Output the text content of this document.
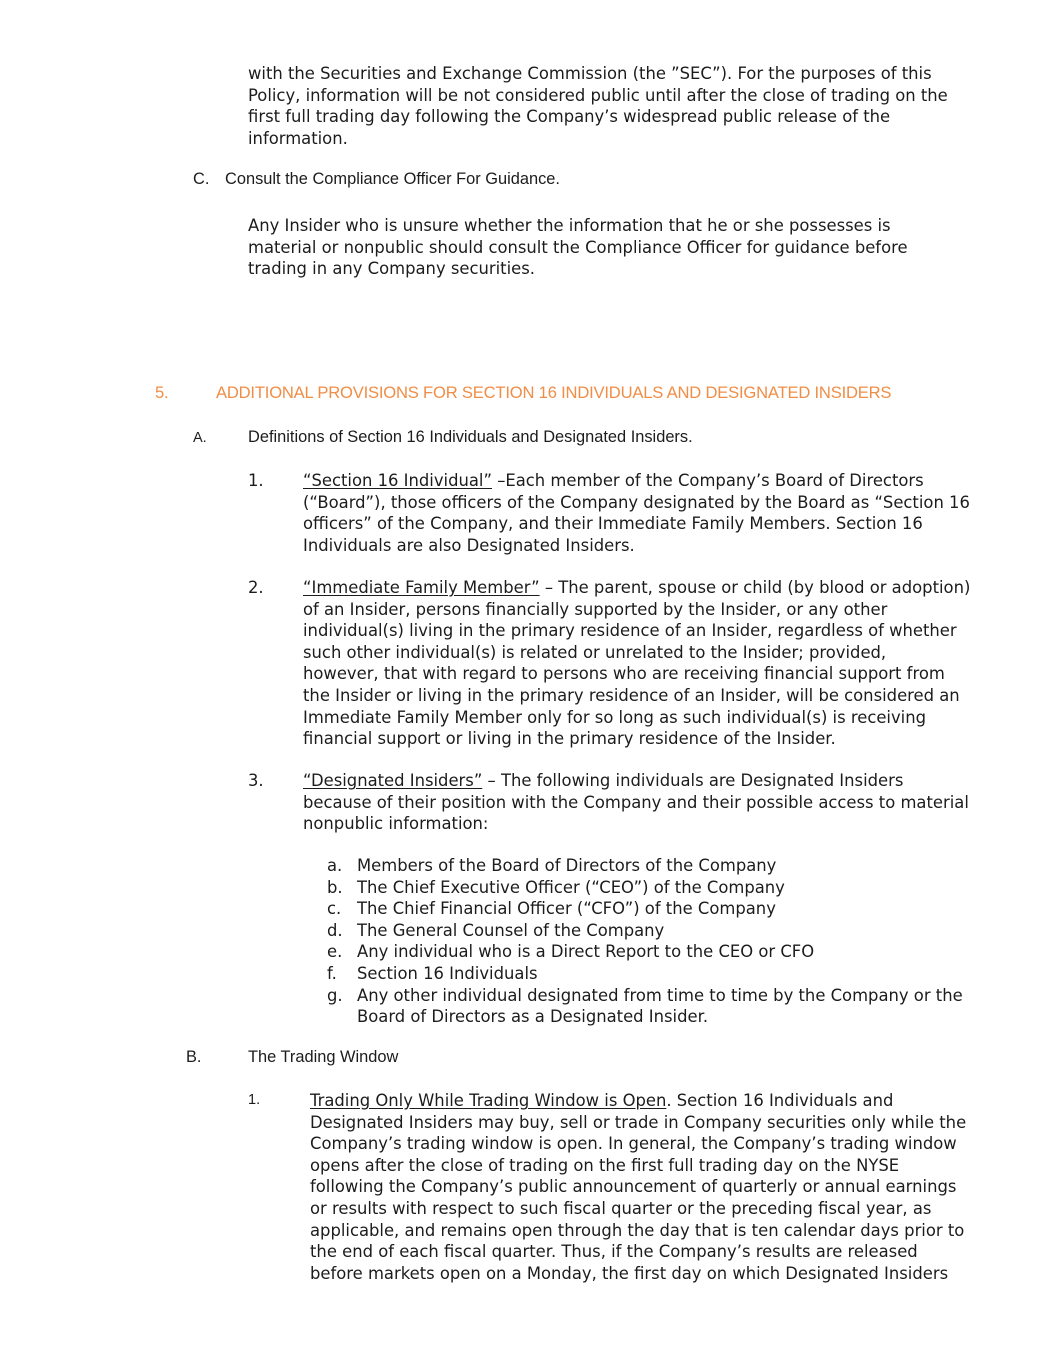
with the Securities and Exchange Commission (the ”SEC”). For the purposes of this
Policy, information will be not considered public until after the close of trading on the
first full trading day following the Company’s widespread public release of the
information.
C. Consult the Compliance Officer For Guidance.
Any Insider who is unsure whether the information that he or she possesses is
material or nonpublic should consult the Compliance Officer for guidance before
trading in any Company securities.
5.	ADDITIONAL PROVISIONS FOR SECTION 16 INDIVIDUALS AND DESIGNATED INSIDERS
A.	Definitions of Section 16 Individuals and Designated Insiders.
1. “Section 16 Individual” –Each member of the Company’s Board of Directors
(“Board”), those officers of the Company designated by the Board as “Section 16
officers” of the Company, and their Immediate Family Members. Section 16
Individuals are also Designated Insiders.
2. “Immediate Family Member” – The parent, spouse or child (by blood or adoption)
of an Insider, persons financially supported by the Insider, or any other
individual(s) living in the primary residence of an Insider, regardless of whether
such other individual(s) is related or unrelated to the Insider; provided,
however, that with regard to persons who are receiving financial support from
the Insider or living in the primary residence of an Insider, will be considered an
Immediate Family Member only for so long as such individual(s) is receiving
financial support or living in the primary residence of the Insider.
3. “Designated Insiders” – The following individuals are Designated Insiders
because of their position with the Company and their possible access to material
nonpublic information:
a. Members of the Board of Directors of the Company
b. The Chief Executive Officer (“CEO”) of the Company
c. The Chief Financial Officer (“CFO”) of the Company
d. The General Counsel of the Company
e. Any individual who is a Direct Report to the CEO or CFO
f. Section 16 Individuals
g. Any other individual designated from time to time by the Company or the
Board of Directors as a Designated Insider.
B.	The Trading Window
1.	Trading Only While Trading Window is Open. Section 16 Individuals and
Designated Insiders may buy, sell or trade in Company securities only while the
Company’s trading window is open. In general, the Company’s trading window
opens after the close of trading on the first full trading day on the NYSE
following the Company’s public announcement of quarterly or annual earnings
or results with respect to such fiscal quarter or the preceding fiscal year, as
applicable, and remains open through the day that is ten calendar days prior to
the end of each fiscal quarter. Thus, if the Company’s results are released
before markets open on a Monday, the first day on which Designated Insiders
